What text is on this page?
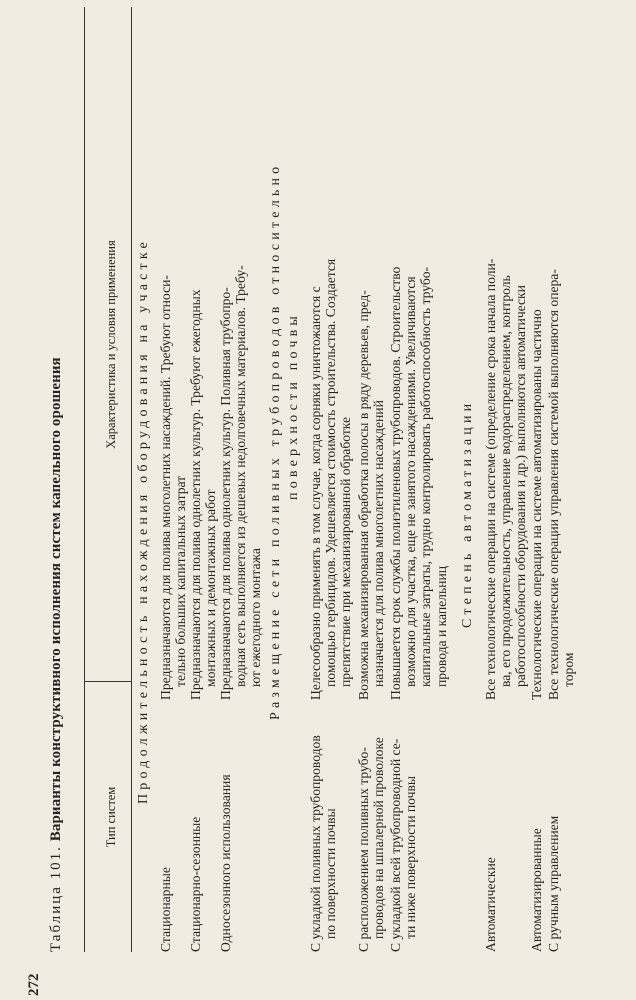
272
Таблица 101. Варианты конструктивного исполнения систем капельного орошения	Тип систем
Характеристика и условия применения Продолжительность нахождения оборудования на участке
Стационарные
Предназначаются для полива многолетних насаждений. Требуют относи- тельно больших капитальных затрат
Стационарно-сезонные
Предназначаются для полива однолетних культур. Требуют ежегодных монтажных и демонтажных работ
Односезонного использования
Предназначаются для полива однолетних культур. Поливная трубопро- водная сеть выполняется из дешевых недолговечных материалов. Требу- ют ежегодного монтажа Размещение сети поливных трубопроводов относительно поверхности почвы
С укладкой поливных трубопроводов по поверхности почвы
Целесообразно применять в том случае, когда сорняки уничтожаются с помощью гербицидов. Удешевляется стоимость строительства. Создается препятствие при механизированной обработке
С расположением поливных трубо- проводов на шпалерной проволоке
Возможна механизированная обработка полосы в ряду деревьев, пред- назначается для полива многолетних насаждений
С укладкой всей трубопроводной се- ти ниже поверхности почвы
Повышается срок службы полиэтиленовых трубопроводов. Строительство возможно для участка, еще не занятого насаждениями. Увеличиваются капитальные затраты, трудно контролировать работоспособность трубо- провода и капельниц Степень автоматизации
Автоматические
Все технологические операции на системе (определение срока начала поли- ва, его продолжительность, управление водораспределением, контроль работоспособности оборудования и др.) выполняются автоматически
Автоматизированные
Технологические операции на системе автоматизированы частично
С ручным управлением
Все технологические операции управления системой выполняются опера- тором
